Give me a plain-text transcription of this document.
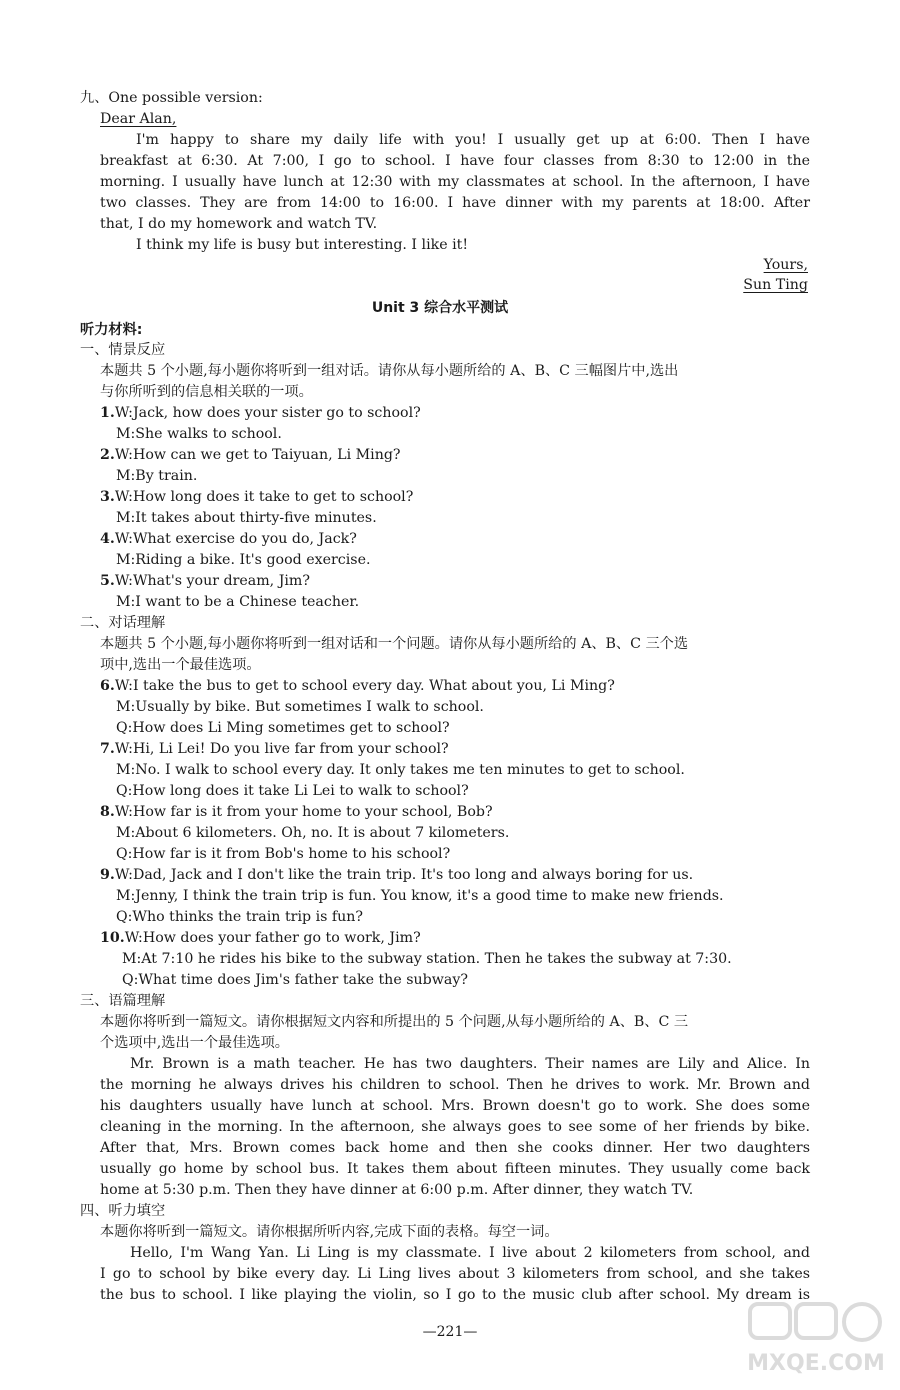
九、One possible version:
Dear Alan,
I'm happy to share my daily life with you! I usually get up at 6:00. Then I have
breakfast at 6:30. At 7:00, I go to school. I have four classes from 8:30 to 12:00 in the
morning. I usually have lunch at 12:30 with my classmates at school. In the afternoon, I have
two classes. They are from 14:00 to 16:00. I have dinner with my parents at 18:00. After
that, I do my homework and watch TV.
I think my life is busy but interesting. I like it!
Yours,
Sun Ting
Unit 3 综合水平测试
听力材料:
一、情景反应
本题共 5 个小题,每小题你将听到一组对话。请你从每小题所给的 A、B、C 三幅图片中,选出
与你所听到的信息相关联的一项。
1.W:Jack, how does your sister go to school?
M:She walks to school.
2.W:How can we get to Taiyuan, Li Ming?
M:By train.
3.W:How long does it take to get to school?
M:It takes about thirty-five minutes.
4.W:What exercise do you do, Jack?
M:Riding a bike. It's good exercise.
5.W:What's your dream, Jim?
M:I want to be a Chinese teacher.
二、对话理解
本题共 5 个小题,每小题你将听到一组对话和一个问题。请你从每小题所给的 A、B、C 三个选
项中,选出一个最佳选项。
6.W:I take the bus to get to school every day. What about you, Li Ming?
M:Usually by bike. But sometimes I walk to school.
Q:How does Li Ming sometimes get to school?
7.W:Hi, Li Lei! Do you live far from your school?
M:No. I walk to school every day. It only takes me ten minutes to get to school.
Q:How long does it take Li Lei to walk to school?
8.W:How far is it from your home to your school, Bob?
M:About 6 kilometers. Oh, no. It is about 7 kilometers.
Q:How far is it from Bob's home to his school?
9.W:Dad, Jack and I don't like the train trip. It's too long and always boring for us.
M:Jenny, I think the train trip is fun. You know, it's a good time to make new friends.
Q:Who thinks the train trip is fun?
10.W:How does your father go to work, Jim?
M:At 7:10 he rides his bike to the subway station. Then he takes the subway at 7:30.
Q:What time does Jim's father take the subway?
三、语篇理解
本题你将听到一篇短文。请你根据短文内容和所提出的 5 个问题,从每小题所给的 A、B、C 三
个选项中,选出一个最佳选项。
Mr. Brown is a math teacher. He has two daughters. Their names are Lily and Alice. In
the morning he always drives his children to school. Then he drives to work. Mr. Brown and
his daughters usually have lunch at school. Mrs. Brown doesn't go to work. She does some
cleaning in the morning. In the afternoon, she always goes to see some of her friends by bike.
After that, Mrs. Brown comes back home and then she cooks dinner. Her two daughters
usually go home by school bus. It takes them about fifteen minutes. They usually come back
home at 5:30 p.m. Then they have dinner at 6:00 p.m. After dinner, they watch TV.
四、听力填空
本题你将听到一篇短文。请你根据所听内容,完成下面的表格。每空一词。
Hello, I'm Wang Yan. Li Ling is my classmate. I live about 2 kilometers from school, and
I go to school by bike every day. Li Ling lives about 3 kilometers from school, and she takes
the bus to school. I like playing the violin, so I go to the music club after school. My dream is
—221—
MXQE.COM
